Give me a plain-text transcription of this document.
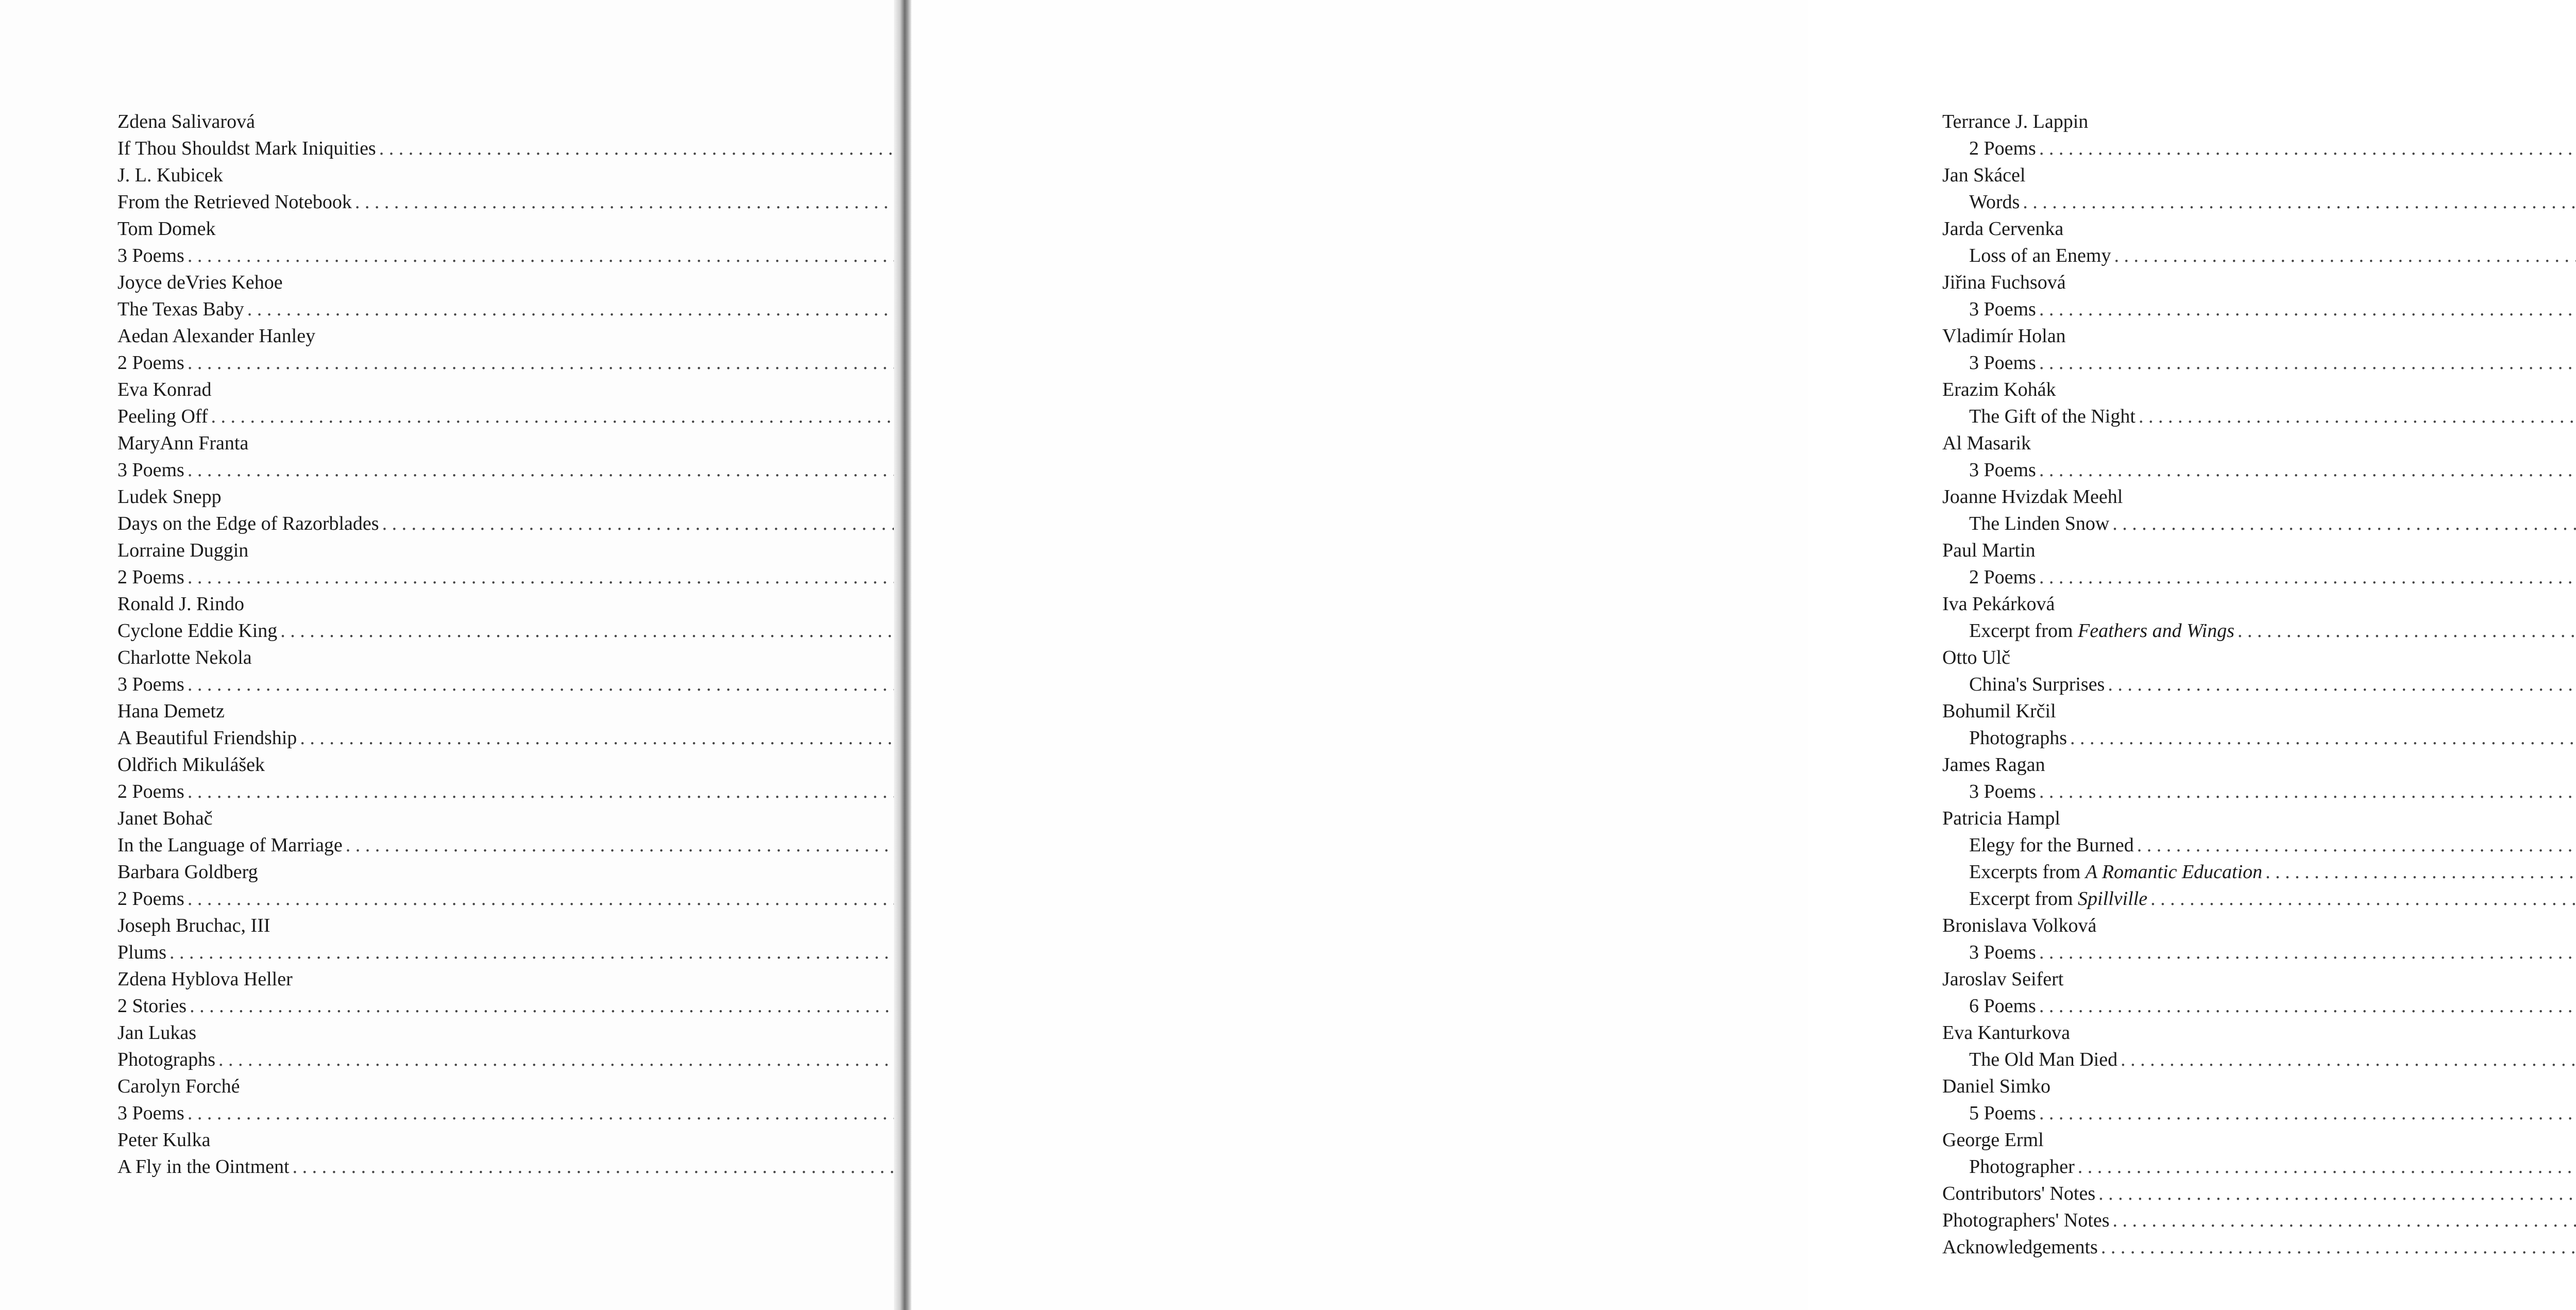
Zdena Salivarová
If Thou Shouldst Mark Iniquities
. . .
J. L. Kubicek
From the Retrieved Notebook
. . .
Tom Domek
3 Poems
. . .
Joyce deVries Kehoe
The Texas Baby
. . .
Aedan Alexander Hanley
2 Poems
. . .
Eva Konrad
Peeling Off
. . .
MaryAnn Franta
3 Poems
. . .
Ludek Snepp
Days on the Edge of Razorblades
. . .
Lorraine Duggin
2 Poems
. . .
Ronald J. Rindo
Cyclone Eddie King
. . .
Charlotte Nekola
3 Poems
. . .
Hana Demetz
A Beautiful Friendship
. . .
Oldřich Mikulášek
2 Poems
. . .
Janet Bohač
In the Language of Marriage
. . .
Barbara Goldberg
2 Poems
. . .
Joseph Bruchac, III
Plums
. . .
Zdena Hyblova Heller
2 Stories
. . .
Jan Lukas
Photographs
. . .
Carolyn Forché
3 Poems
. . .
Peter Kulka
A Fly in the Ointment
. . .
Terrance J. Lappin
2 Poems
. . .
Jan Skácel
Words
. . .
Jarda Cervenka
Loss of an Enemy
. . .
Jiřina Fuchsová
3 Poems
. . .
Vladimír Holan
3 Poems
. . .
Erazim Kohák
The Gift of the Night
. . .
Al Masarik
3 Poems
. . .
Joanne Hvizdak Meehl
The Linden Snow
. . .
Paul Martin
2 Poems
. . .
Iva Pekárková
Excerpt from Feathers and Wings
. . .
Otto Ulč
China's Surprises
. . .
Bohumil Krčil
Photographs
. . .
James Ragan
3 Poems
. . .
Patricia Hampl
Elegy for the Burned
. . .
Excerpts from A Romantic Education
. . .
Excerpt from Spillville
. . .
Bronislava Volková
3 Poems
. . .
Jaroslav Seifert
6 Poems
. . .
Eva Kanturkova
The Old Man Died
. . .
Daniel Simko
5 Poems
. . .
George Erml
Photographer
. . .
Contributors' Notes
. . .
Photographers' Notes
. . .
Acknowledgements
. . .
